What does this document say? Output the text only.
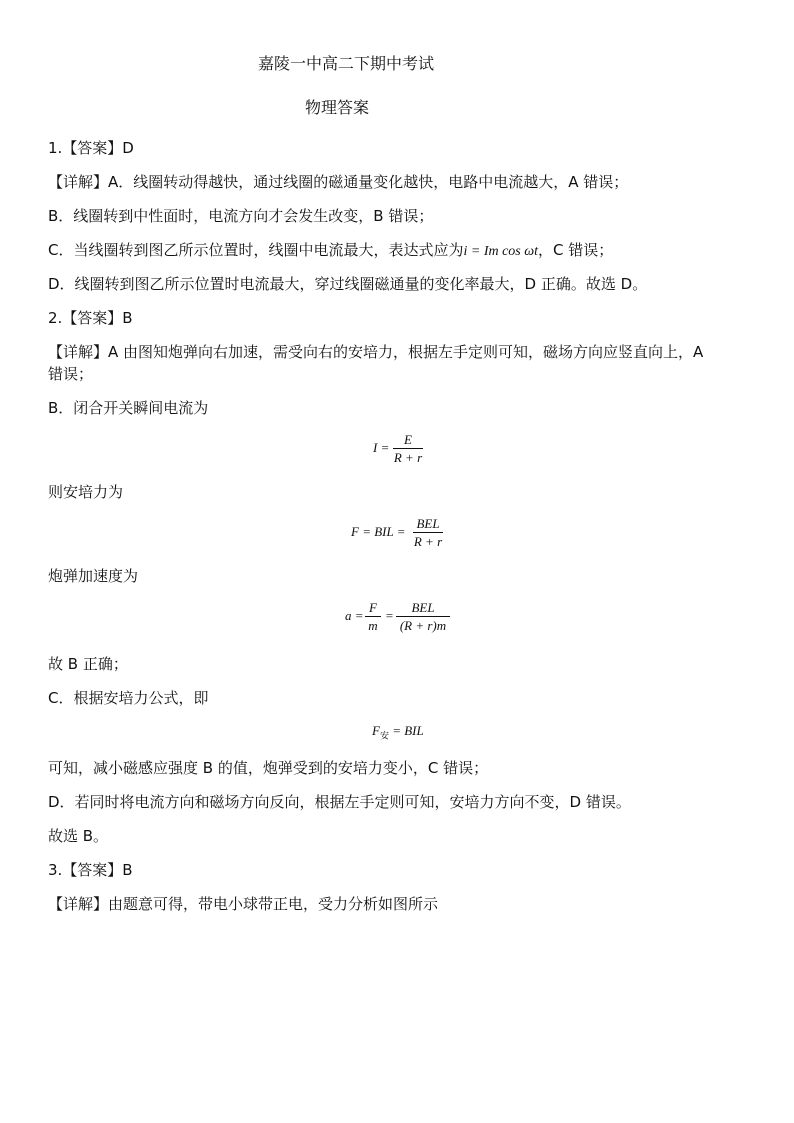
嘉陵一中高二下期中考试
物理答案
1.【答案】D
【详解】A．线圈转动得越快，通过线圈的磁通量变化越快，电路中电流越大，A 错误；
B．线圈转到中性面时，电流方向才会发生改变，B 错误；
C．当线圈转到图乙所示位置时，线圈中电流最大，表达式应为i = Im cos ωt，C 错误；
D．线圈转到图乙所示位置时电流最大，穿过线圈磁通量的变化率最大，D 正确。故选 D。
2.【答案】B
【详解】A 由图知炮弹向右加速，需受向右的安培力，根据左手定则可知，磁场方向应竖直向上，A
错误；
B．闭合开关瞬间电流为
I =
E
R + r
则安培力为
F = BIL =
BEL
R + r
炮弹加速度为
a =
F
m
=
BEL
(R + r)m
故 B 正确；
C．根据安培力公式，即
$F_安$ = BIL
可知，减小磁感应强度 B 的值，炮弹受到的安培力变小，C 错误；
D．若同时将电流方向和磁场方向反向，根据左手定则可知，安培力方向不变，D 错误。
故选 B。
3.【答案】B
【详解】由题意可得，带电小球带正电，受力分析如图所示
